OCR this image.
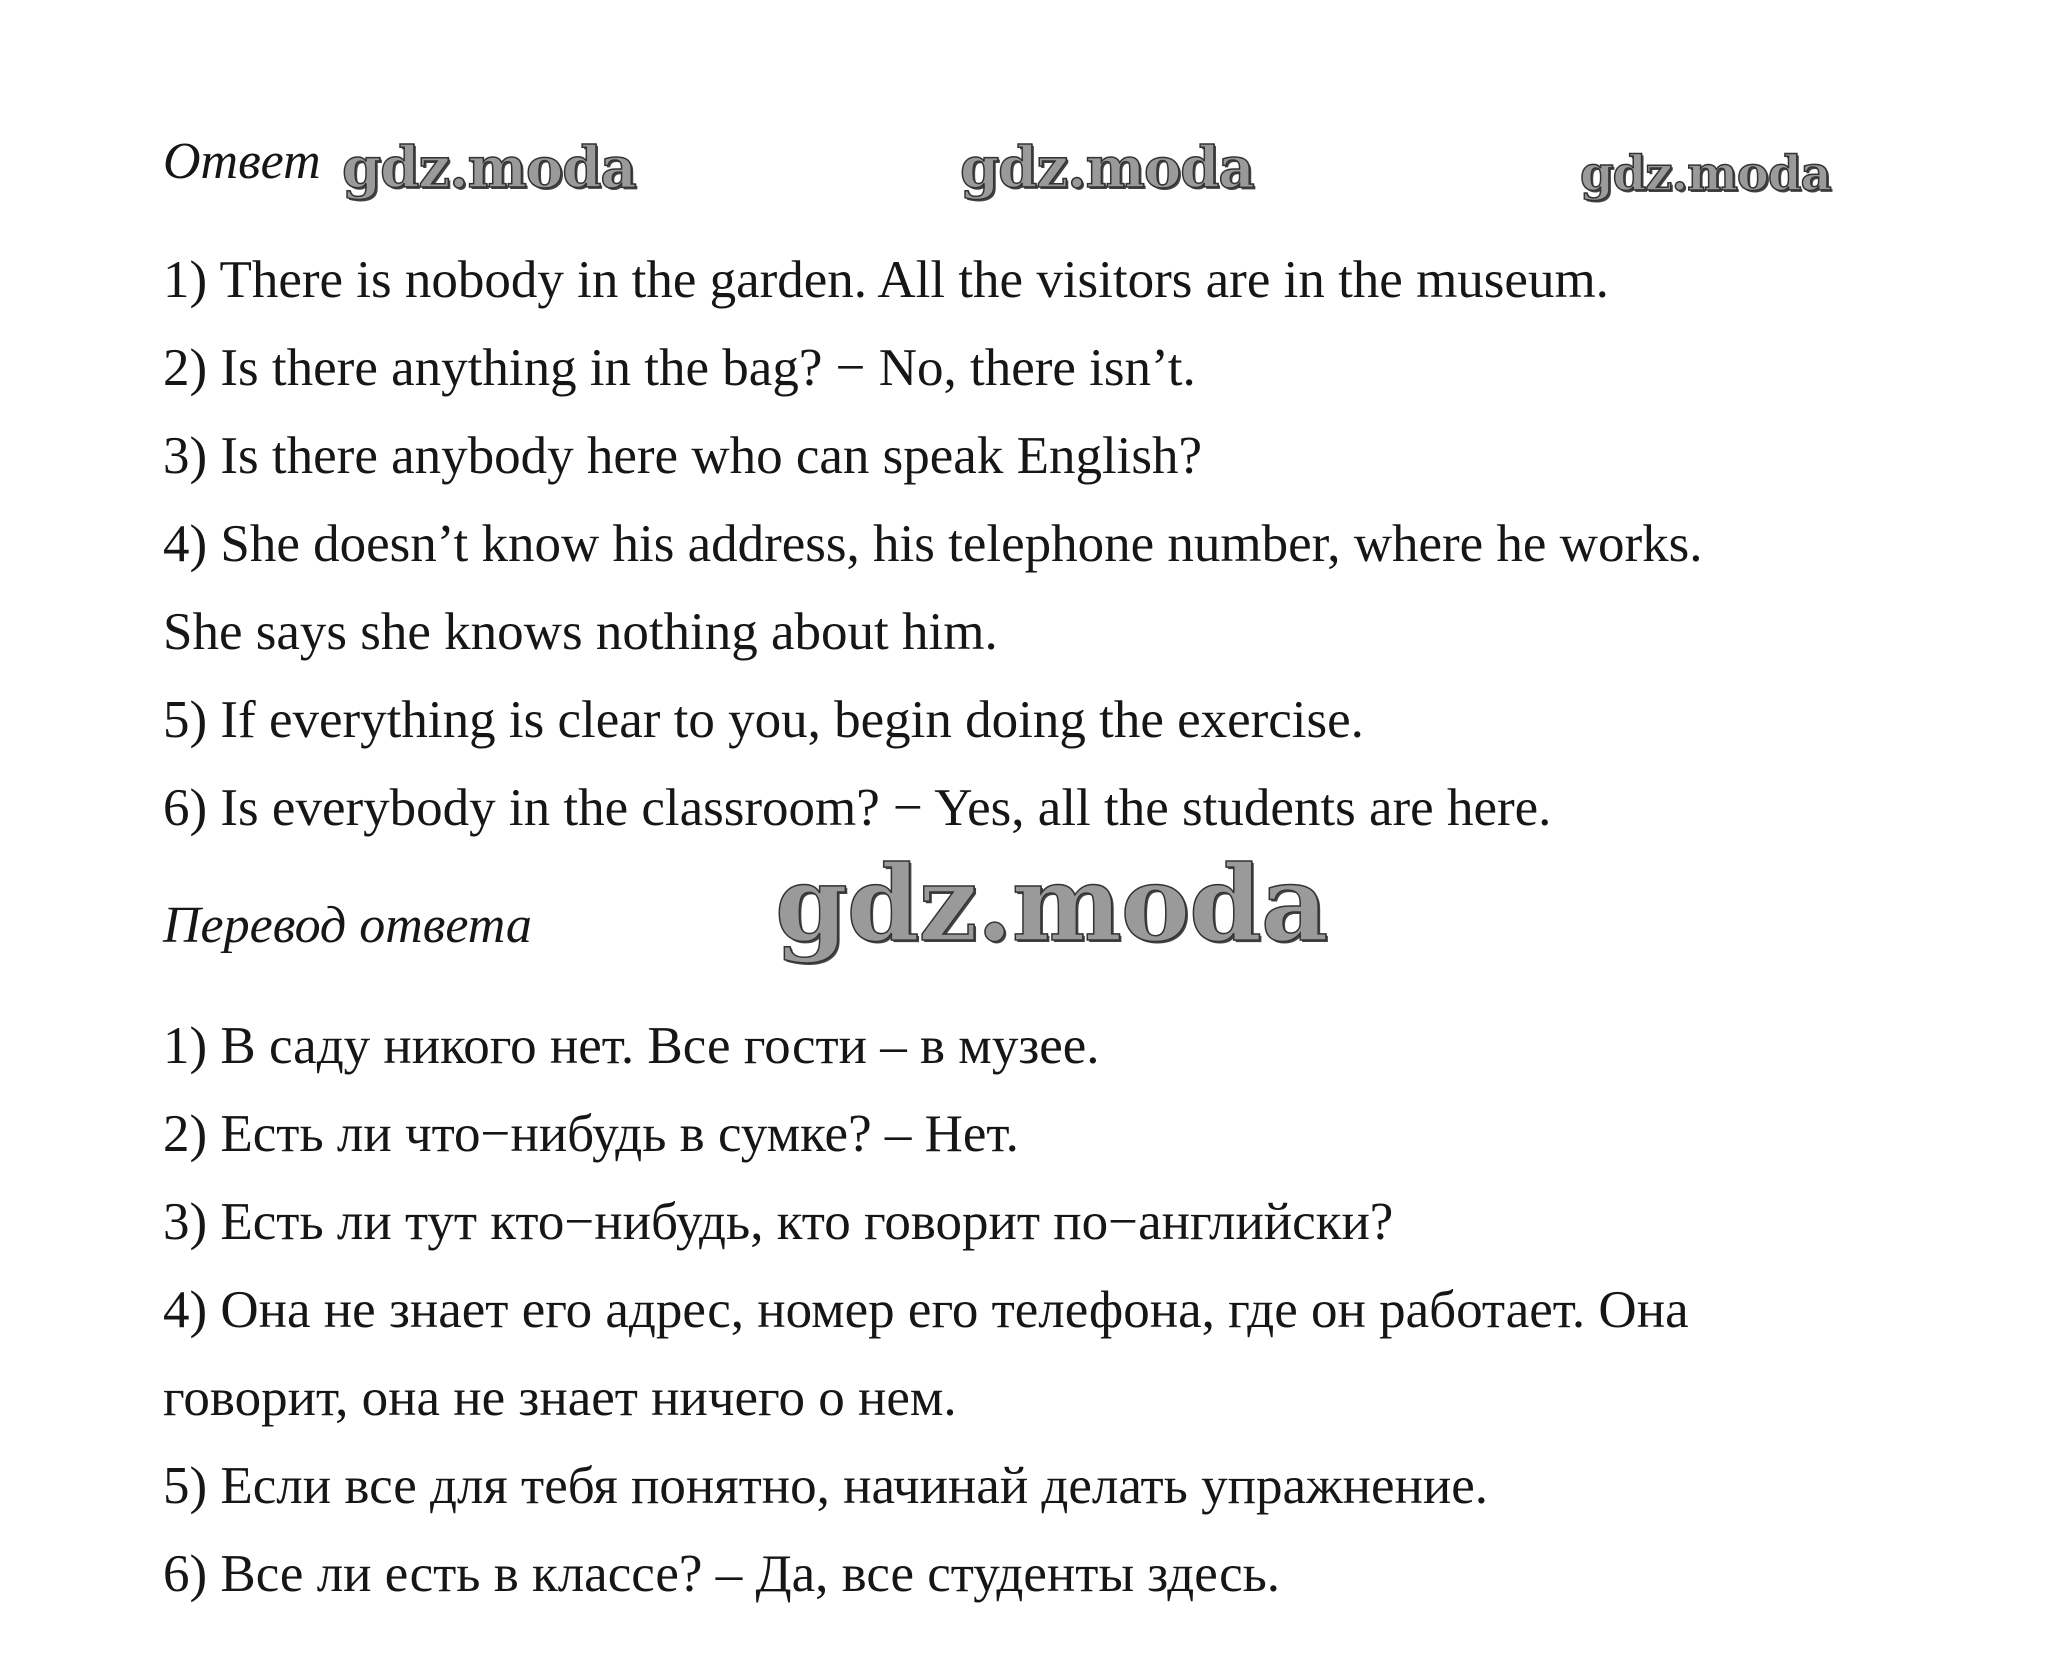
Ответ gdz.moda	gdz.moda	gdz.moda

1) There is nobody in the garden. All the visitors are in the museum.

2) Is there anything in the bag? − No, there isn’t.

3) Is there anybody here who can speak English?

4) She doesn’t know his address, his telephone number, where he works.

She says she knows nothing about him.

5) If everything is clear to you, begin doing the exercise.

6) Is everybody in the classroom? − Yes, all the students are here.

Перевод ответа gdz.moda

1) В саду никого нет. Все гости – в музее.

2) Есть ли что−нибудь в сумке? – Нет.

3) Есть ли тут кто−нибудь, кто говорит по−английски?

4) Она не знает его адрес, номер его телефона, где он работает. Она

говорит, она не знает ничего о нем.

5) Если все для тебя понятно, начинай делать упражнение.

6) Все ли есть в классе? – Да, все студенты здесь.
